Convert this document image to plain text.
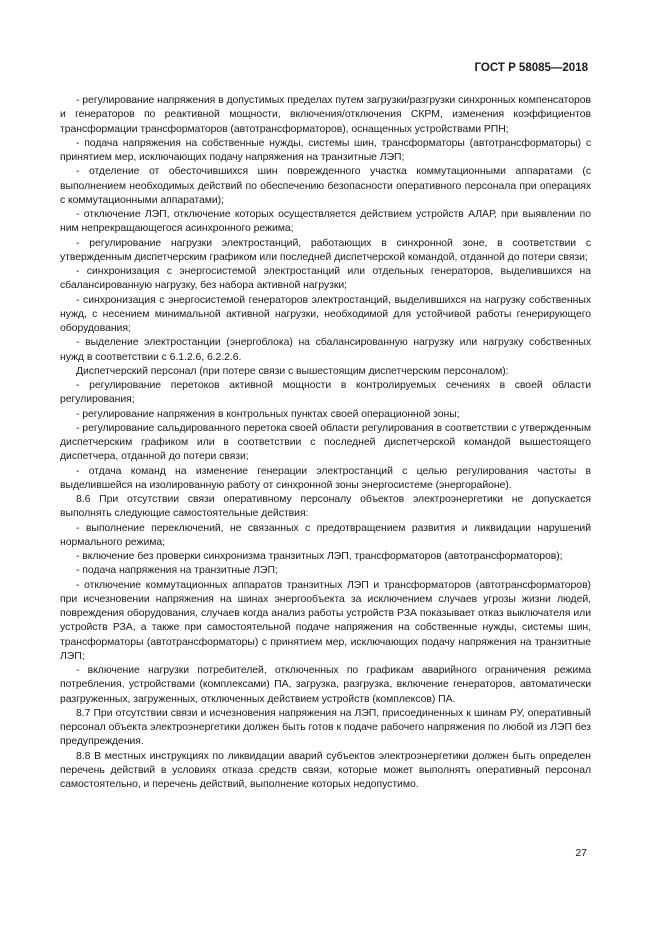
ГОСТ Р 58085—2018

- регулирование напряжения в допустимых пределах путем загрузки/разгрузки синхронных компенсаторов и генераторов по реактивной мощности, включения/отключения СКРМ, изменения коэффициентов трансформации трансформаторов (автотрансформаторов), оснащенных устройствами РПН;

- подача напряжения на собственные нужды, системы шин, трансформаторы (автотрансформаторы) с принятием мер, исключающих подачу напряжения на транзитные ЛЭП;

- отделение от обесточившихся шин поврежденного участка коммутационными аппаратами (с выполнением необходимых действий по обеспечению безопасности оперативного персонала при операциях с коммутационными аппаратами);

- отключение ЛЭП, отключение которых осуществляется действием устройств АЛАР, при выявлении по ним непрекращающегося асинхронного режима;

- регулирование нагрузки электростанций, работающих в синхронной зоне, в соответствии с утвержденным диспетчерским графиком или последней диспетчерской командой, отданной до потери связи;

- синхронизация с энергосистемой электростанций или отдельных генераторов, выделившихся на сбалансированную нагрузку, без набора активной нагрузки;

- синхронизация с энергосистемой генераторов электростанций, выделившихся на нагрузку собственных нужд, с несением минимальной активной нагрузки, необходимой для устойчивой работы генерирующего оборудования;

- выделение электростанции (энергоблока) на сбалансированную нагрузку или нагрузку собственных нужд в соответствии с 6.1.2.6, 6.2.2.6.

Диспетчерский персонал (при потере связи с вышестоящим диспетчерским персоналом):

- регулирование перетоков активной мощности в контролируемых сечениях в своей области регулирования;

- регулирование напряжения в контрольных пунктах своей операционной зоны;

- регулирование сальдированного перетока своей области регулирования в соответствии с утвержденным диспетчерским графиком или в соответствии с последней диспетчерской командой вышестоящего диспетчера, отданной до потери связи;

- отдача команд на изменение генерации электростанций с целью регулирования частоты в выделившейся на изолированную работу от синхронной зоны энергосистеме (энергорайоне).

8.6 При отсутствии связи оперативному персоналу объектов электроэнергетики не допускается выполнять следующие самостоятельные действия:

- выполнение переключений, не связанных с предотвращением развития и ликвидации нарушений нормального режима;

- включение без проверки синхронизма транзитных ЛЭП, трансформаторов (автотрансформаторов);

- подача напряжения на транзитные ЛЭП;

- отключение коммутационных аппаратов транзитных ЛЭП и трансформаторов (автотрансформаторов) при исчезновении напряжения на шинах энергообъекта за исключением случаев угрозы жизни людей, повреждения оборудования, случаев когда анализ работы устройств РЗА показывает отказ выключателя или устройств РЗА, а также при самостоятельной подаче напряжения на собственные нужды, системы шин, трансформаторы (автотрансформаторы) с принятием мер, исключающих подачу напряжения на транзитные ЛЭП;

- включение нагрузки потребителей, отключенных по графикам аварийного ограничения режима потребления, устройствами (комплексами) ПА, загрузка, разгрузка, включение генераторов, автоматически разгруженных, загруженных, отключенных действием устройств (комплексов) ПА.

8.7 При отсутствии связи и исчезновения напряжения на ЛЭП, присоединенных к шинам РУ, оперативный персонал объекта электроэнергетики должен быть готов к подаче рабочего напряжения по любой из ЛЭП без предупреждения.

8.8 В местных инструкциях по ликвидации аварий субъектов электроэнергетики должен быть определен перечень действий в условиях отказа средств связи, которые может выполнять оперативный персонал самостоятельно, и перечень действий, выполнение которых недопустимо.

27
